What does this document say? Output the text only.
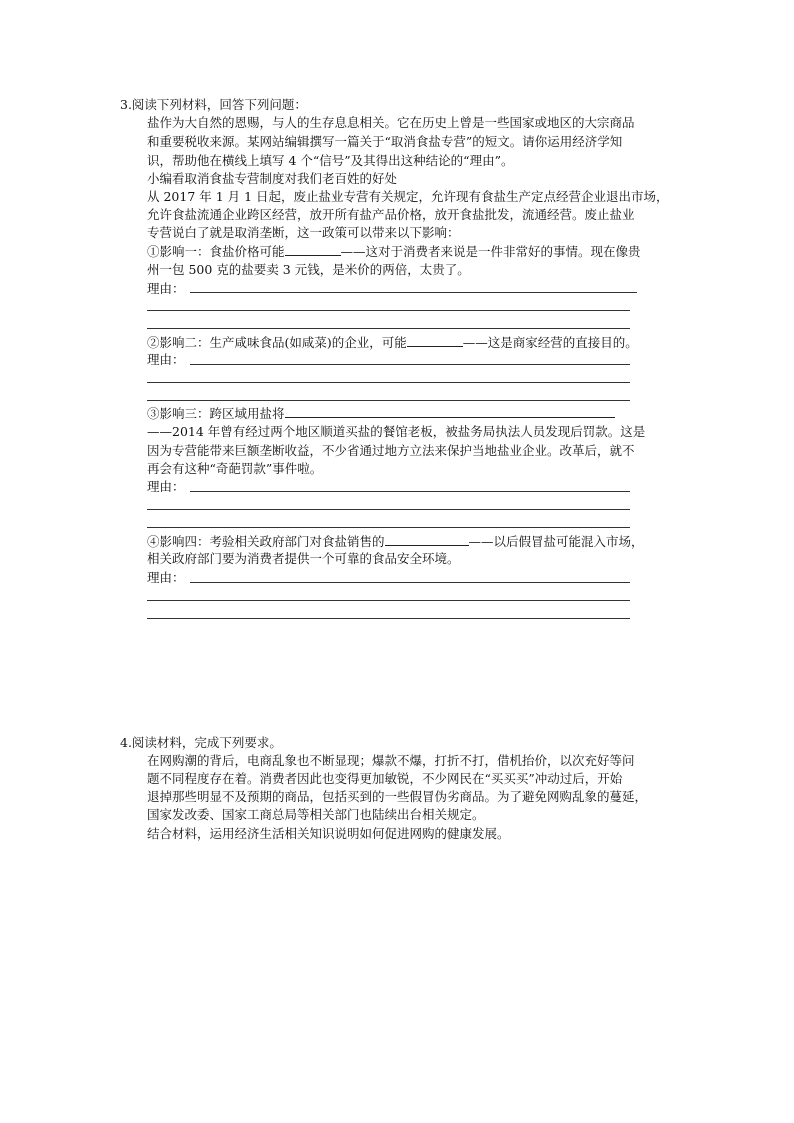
3.阅读下列材料，回答下列问题：
盐作为大自然的恩赐，与人的生存息息相关。它在历史上曾是一些国家或地区的大宗商品
和重要税收来源。某网站编辑撰写一篇关于“取消食盐专营”的短文。请你运用经济学知
识，帮助他在横线上填写 4 个“信号”及其得出这种结论的“理由”。
小编看取消食盐专营制度对我们老百姓的好处
从 2017 年 1 月 1 日起，废止盐业专营有关规定，允许现有食盐生产定点经营企业退出市场，
允许食盐流通企业跨区经营，放开所有盐产品价格，放开食盐批发，流通经营。废止盐业
专营说白了就是取消垄断，这一政策可以带来以下影响：
①影响一：食盐价格可能	——这对于消费者来说是一件非常好的事情。现在像贵
州一包 500 克的盐要卖 3 元钱，是米价的两倍，太贵了。
理由：
②影响二：生产咸味食品(如咸菜)的企业，可能	——这是商家经营的直接目的。
理由：
③影响三：跨区域用盐将
——2014 年曾有经过两个地区顺道买盐的餐馆老板，被盐务局执法人员发现后罚款。这是
因为专营能带来巨额垄断收益，不少省通过地方立法来保护当地盐业企业。改革后，就不
再会有这种“奇葩罚款”事件啦。
理由：
④影响四：考验相关政府部门对食盐销售的	——以后假冒盐可能混入市场，
相关政府部门要为消费者提供一个可靠的食品安全环境。
理由：
4.阅读材料，完成下列要求。
在网购潮的背后，电商乱象也不断显现；爆款不爆，打折不打，借机抬价，以次充好等问
题不同程度存在着。消费者因此也变得更加敏锐，不少网民在“买买买”冲动过后，开始
退掉那些明显不及预期的商品，包括买到的一些假冒伪劣商品。为了避免网购乱象的蔓延，
国家发改委、国家工商总局等相关部门也陆续出台相关规定。
结合材料，运用经济生活相关知识说明如何促进网购的健康发展。
